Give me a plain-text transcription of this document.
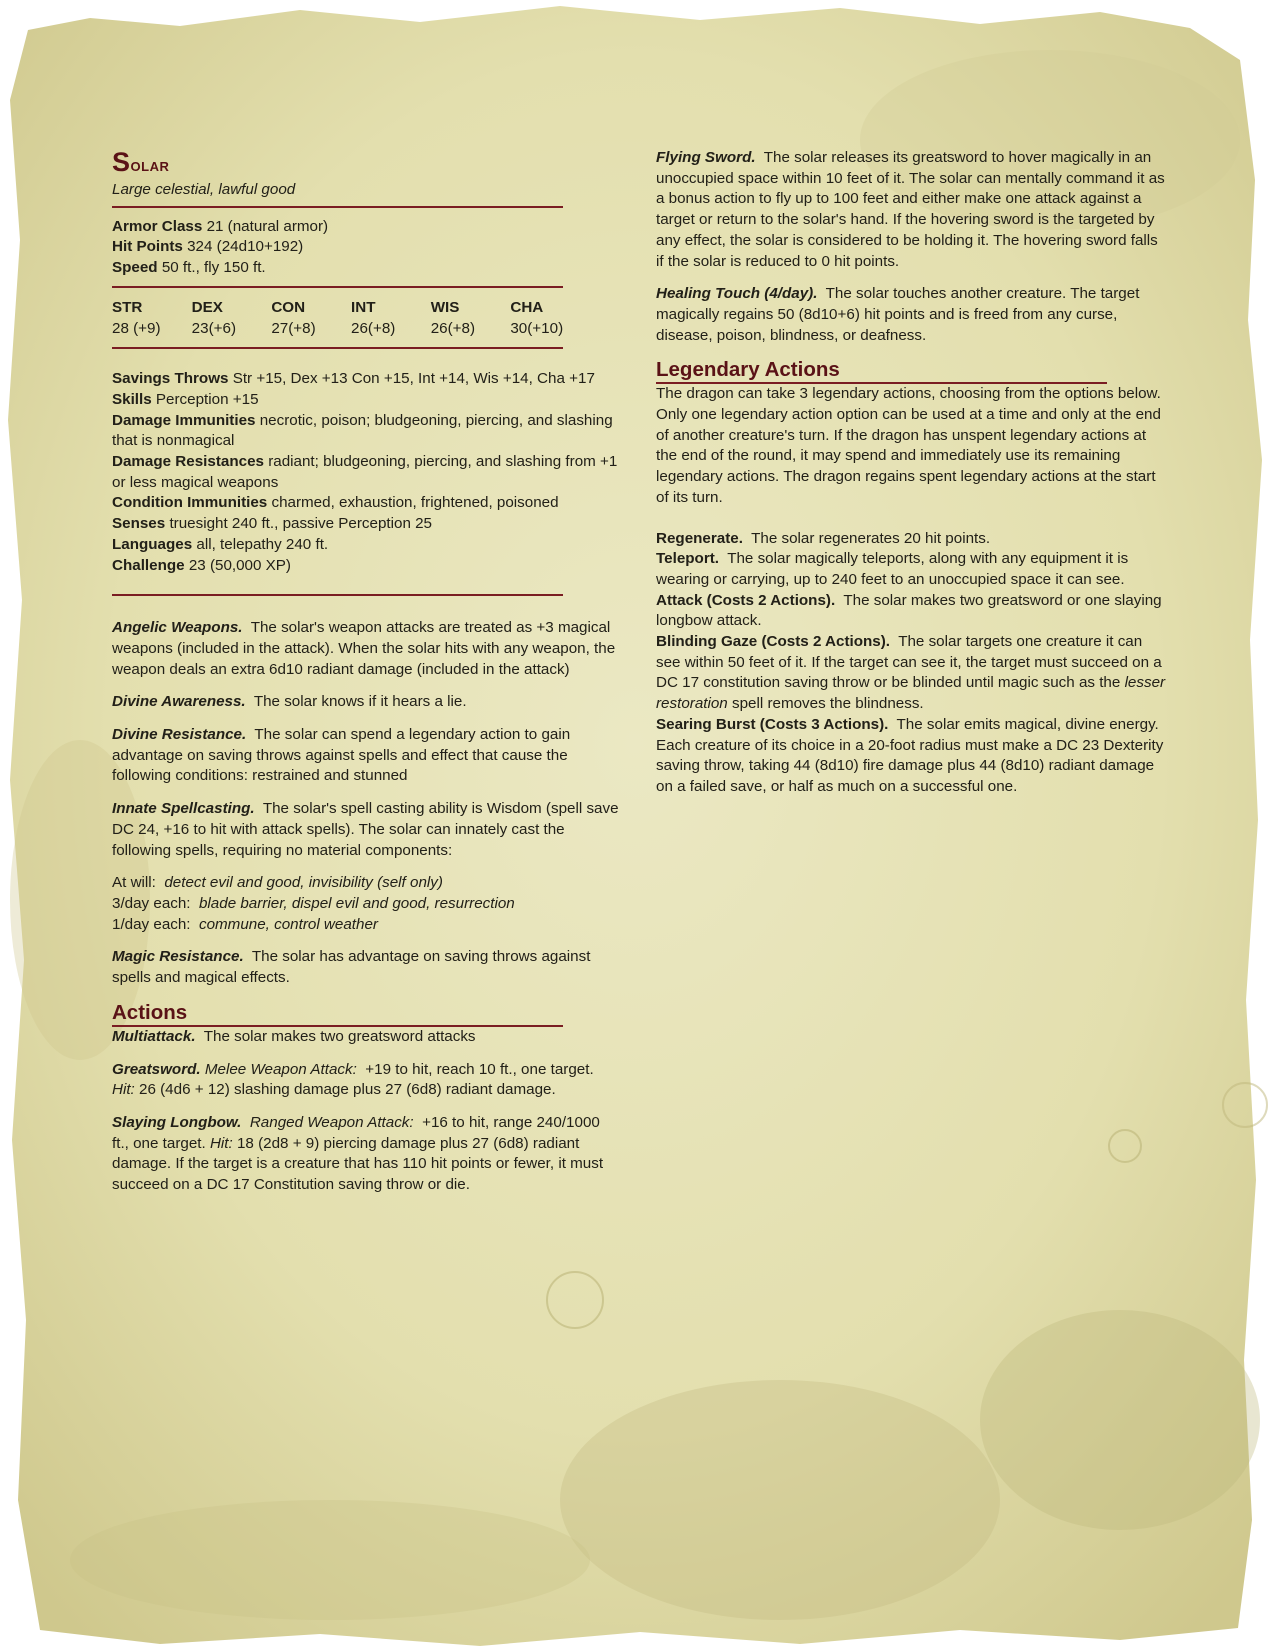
Solar

Large celestial, lawful good

Armor Class 21 (natural armor)
Hit Points 324 (24d10+192)
Speed 50 ft., fly 150 ft.
STR
28 (+9)
DEX
23(+6)
CON
27(+8)
INT
26(+8)
WIS
26(+8)
CHA
30(+10)

Savings Throws Str +15, Dex +13 Con +15, Int +14, Wis +14, Cha +17

Skills Perception +15

Damage Immunities necrotic, poison; bludgeoning, piercing, and slashing that is nonmagical

Damage Resistances radiant; bludgeoning, piercing, and slashing from +1 or less magical weapons

Condition Immunities charmed, exhaustion, frightened, poisoned

Senses truesight 240 ft., passive Perception 25

Languages all, telepathy 240 ft.

Challenge 23 (50,000 XP)

Angelic Weapons. The solar's weapon attacks are treated as +3 magical weapons (included in the attack). When the solar hits with any weapon, the weapon deals an extra 6d10 radiant damage (included in the attack)

Divine Awareness. The solar knows if it hears a lie.

Divine Resistance. The solar can spend a legendary action to gain advantage on saving throws against spells and effect that cause the following conditions: restrained and stunned

Innate Spellcasting. The solar's spell casting ability is Wisdom (spell save DC 24, +16 to hit with attack spells). The solar can innately cast the following spells, requiring no material components:

At will: detect evil and good, invisibility (self only)

3/day each: blade barrier, dispel evil and good, resurrection

1/day each: commune, control weather

Magic Resistance. The solar has advantage on saving throws against spells and magical effects.

Actions

Multiattack. The solar makes two greatsword attacks

Greatsword. Melee Weapon Attack: +19 to hit, reach 10 ft., one target.  Hit: 26 (4d6 + 12) slashing damage plus 27 (6d8) radiant damage.

Slaying Longbow. Ranged Weapon Attack: +16 to hit, range 240/1000 ft., one target. Hit: 18 (2d8 + 9) piercing damage plus 27 (6d8) radiant damage. If the target is a creature that has 110 hit points or fewer, it must succeed on a DC 17 Constitution saving throw or die.

Flying Sword. The solar releases its greatsword to hover magically in an unoccupied space within 10 feet of it. The solar can mentally command it as a bonus action to fly up to 100 feet and either make one attack against a target or return to the solar's hand. If the hovering sword is the targeted by any effect, the solar is considered to be holding it. The hovering sword falls if the solar is reduced to 0 hit points.

Healing Touch (4/day). The solar touches another creature. The target magically regains 50 (8d10+6) hit points and is freed from any curse, disease, poison, blindness, or deafness.

Legendary Actions

The dragon can take 3 legendary actions, choosing from the options below. Only one legendary action option can be used at a time and only at the end of another creature's turn. If the dragon has unspent legendary actions at the end of the round, it may spend and immediately use its remaining legendary actions. The dragon regains spent legendary actions at the start of its turn.

Regenerate. The solar regenerates 20 hit points.

Teleport. The solar magically teleports, along with any equipment it is wearing or carrying, up to 240 feet to an unoccupied space it can see.

Attack (Costs 2 Actions). The solar makes two greatsword or one slaying longbow attack.

Blinding Gaze (Costs 2 Actions). The solar targets one creature it can see within 50 feet of it. If the target can see it, the target must succeed on a DC 17 constitution saving throw or be blinded until magic such as the lesser restoration spell removes the blindness.

Searing Burst (Costs 3 Actions). The solar emits magical, divine energy. Each creature of its choice in a 20-foot radius must make a DC 23 Dexterity saving throw, taking 44 (8d10) fire damage plus 44 (8d10) radiant damage on a failed save, or half as much on a successful one.
